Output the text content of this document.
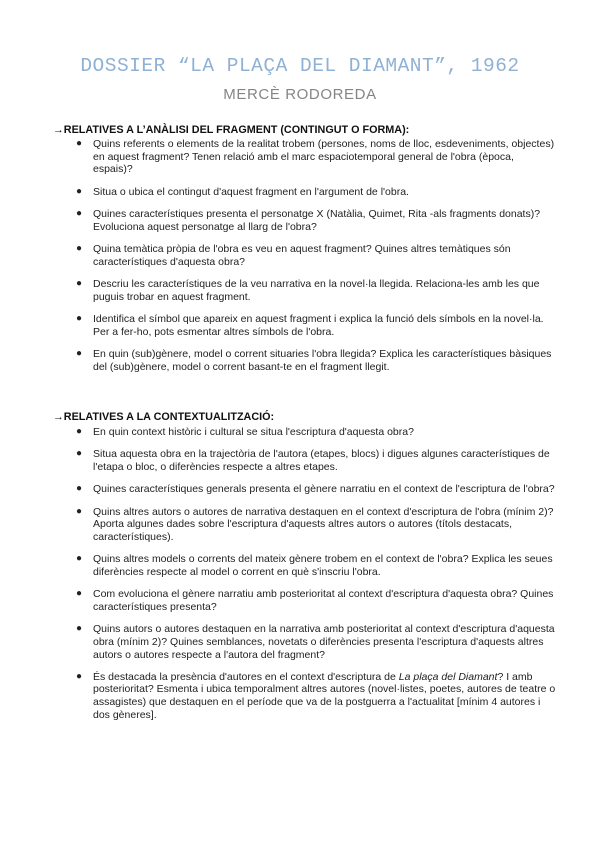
DOSSIER “LA PLAÇA DEL DIAMANT”, 1962
MERCÈ RODOREDA
→RELATIVES A L’ANÀLISI DEL FRAGMENT (CONTINGUT O FORMA):
● Quins referents o elements de la realitat trobem (persones, noms de lloc, esdeveniments, objectes) en aquest fragment? Tenen relació amb el marc espaciotemporal general de l'obra (època, espais)?
● Situa o ubica el contingut d'aquest fragment en l'argument de l'obra.
● Quines característiques presenta el personatge X (Natàlia, Quimet, Rita -als fragments donats)? Evoluciona aquest personatge al llarg de l'obra?
● Quina temàtica pròpia de l'obra es veu en aquest fragment? Quines altres temàtiques són característiques d'aquesta obra?
● Descriu les característiques de la veu narrativa en la novel·la llegida. Relaciona-les amb les que puguis trobar en aquest fragment.
● Identifica el símbol que apareix en aquest fragment i explica la funció dels símbols en la novel·la. Per a fer-ho, pots esmentar altres símbols de l'obra.
● En quin (sub)gènere, model o corrent situaries l'obra llegida? Explica les característiques bàsiques del (sub)gènere, model o corrent basant-te en el fragment llegit.
→RELATIVES A LA CONTEXTUALITZACIÓ:
● En quin context històric i cultural se situa l'escriptura d'aquesta obra?
● Situa aquesta obra en la trajectòria de l'autora (etapes, blocs) i digues algunes característiques de l'etapa o bloc, o diferències respecte a altres etapes.
● Quines característiques generals presenta el gènere narratiu en el context de l'escriptura de l'obra?
● Quins altres autors o autores de narrativa destaquen en el context d'escriptura de l'obra (mínim 2)? Aporta algunes dades sobre l'escriptura d'aquests altres autors o autores (títols destacats, característiques).
● Quins altres models o corrents del mateix gènere trobem en el context de l'obra? Explica les seues diferències respecte al model o corrent en què s'inscriu l'obra.
● Com evoluciona el gènere narratiu amb posterioritat al context d'escriptura d'aquesta obra? Quines característiques presenta?
● Quins autors o autores destaquen en la narrativa amb posterioritat al context d'escriptura d'aquesta obra (mínim 2)? Quines semblances, novetats o diferències presenta l'escriptura d'aquests altres autors o autores respecte a l'autora del fragment?
● És destacada la presència d'autores en el context d'escriptura de La plaça del Diamant? I amb posterioritat? Esmenta i ubica temporalment altres autores (novel·listes, poetes, autores de teatre o assagistes) que destaquen en el període que va de la postguerra a l'actualitat [mínim 4 autores i dos gèneres].
